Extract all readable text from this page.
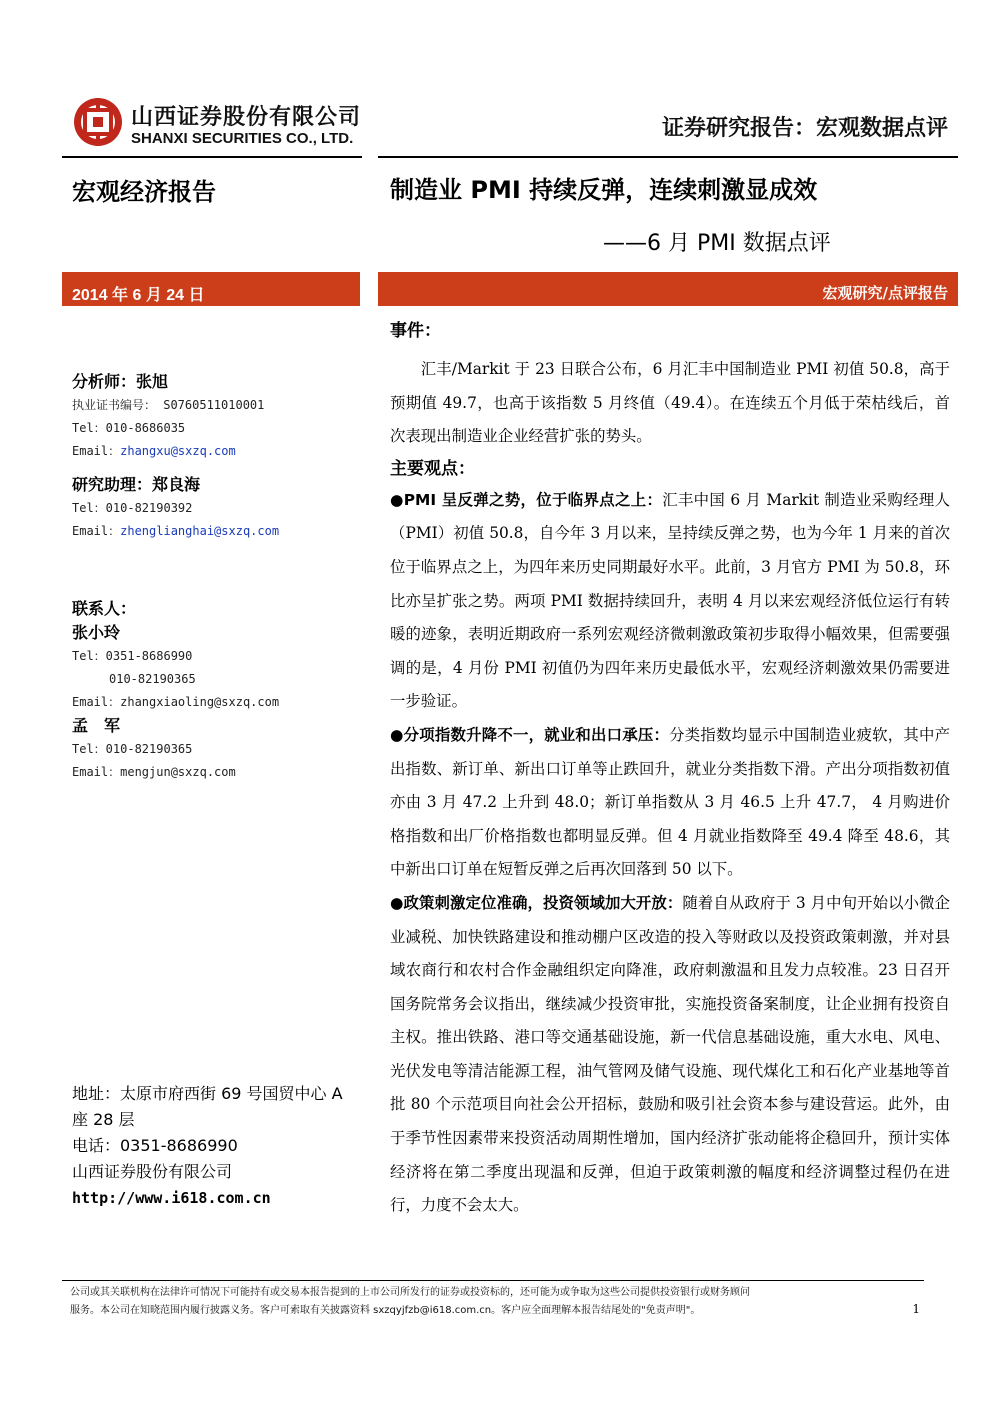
山西证券股份有限公司
SHANXI SECURITIES CO., LTD.	证券研究报告：宏观数据点评
宏观经济报告	制造业 PMI 持续反弹，连续刺激显成效
——6 月 PMI 数据点评
2014 年 6 月 24 日	宏观研究/点评报告
分析师：张旭
执业证书编号： S0760511010001
Tel：010-8686035
Email：zhangxu@sxzq.com
研究助理：郑良海
Tel：010-82190392
Email：zhenglianghai@sxzq.com
联系人：
张小玲
Tel：0351-8686990
010-82190365
Email：zhangxiaoling@sxzq.com
孟　军
Tel：010-82190365
Email：mengjun@sxzq.com
地址：太原市府西街 69 号国贸中心 A
座 28 层
电话：0351-8686990
山西证券股份有限公司
http://www.i618.com.cn
事件：

汇丰/Markit 于 23 日联合公布，6 月汇丰中国制造业 PMI 初值 50.8，高于预期值 49.7，也高于该指数 5 月终值（49.4）。在连续五个月低于荣枯线后，首次表现出制造业企业经营扩张的势头。

主要观点：

●PMI 呈反弹之势，位于临界点之上：汇丰中国 6 月 Markit 制造业采购经理人（PMI）初值 50.8，自今年 3 月以来，呈持续反弹之势，也为今年 1 月来的首次位于临界点之上，为四年来历史同期最好水平。此前，3 月官方 PMI 为 50.8，环比亦呈扩张之势。两项 PMI 数据持续回升，表明 4 月以来宏观经济低位运行有转暖的迹象，表明近期政府一系列宏观经济微刺激政策初步取得小幅效果，但需要强调的是，4 月份 PMI 初值仍为四年来历史最低水平，宏观经济刺激效果仍需要进一步验证。

●分项指数升降不一，就业和出口承压：分类指数均显示中国制造业疲软，其中产出指数、新订单、新出口订单等止跌回升，就业分类指数下滑。产出分项指数初值亦由 3 月 47.2 上升到 48.0；新订单指数从 3 月 46.5 上升 47.7， 4 月购进价格指数和出厂价格指数也都明显反弹。但 4 月就业指数降至 49.4 降至 48.6，其中新出口订单在短暂反弹之后再次回落到 50 以下。

●政策刺激定位准确，投资领域加大开放：随着自从政府于 3 月中旬开始以小微企业减税、加快铁路建设和推动棚户区改造的投入等财政以及投资政策刺激，并对县域农商行和农村合作金融组织定向降准，政府刺激温和且发力点较准。23 日召开国务院常务会议指出，继续减少投资审批，实施投资备案制度，让企业拥有投资自主权。推出铁路、港口等交通基础设施，新一代信息基础设施，重大水电、风电、光伏发电等清洁能源工程，油气管网及储气设施、现代煤化工和石化产业基地等首批 80 个示范项目向社会公开招标，鼓励和吸引社会资本参与建设营运。此外，由于季节性因素带来投资活动周期性增加，国内经济扩张动能将企稳回升，预计实体经济将在第二季度出现温和反弹，但迫于政策刺激的幅度和经济调整过程仍在进行，力度不会太大。

公司或其关联机构在法律许可情况下可能持有或交易本报告提到的上市公司所发行的证券或投资标的，还可能为或争取为这些公司提供投资银行或财务顾问
服务。本公司在知晓范围内履行披露义务。客户可索取有关披露资料 sxzqyjfzb@i618.com.cn。客户应全面理解本报告结尾处的"免责声明"。	1
